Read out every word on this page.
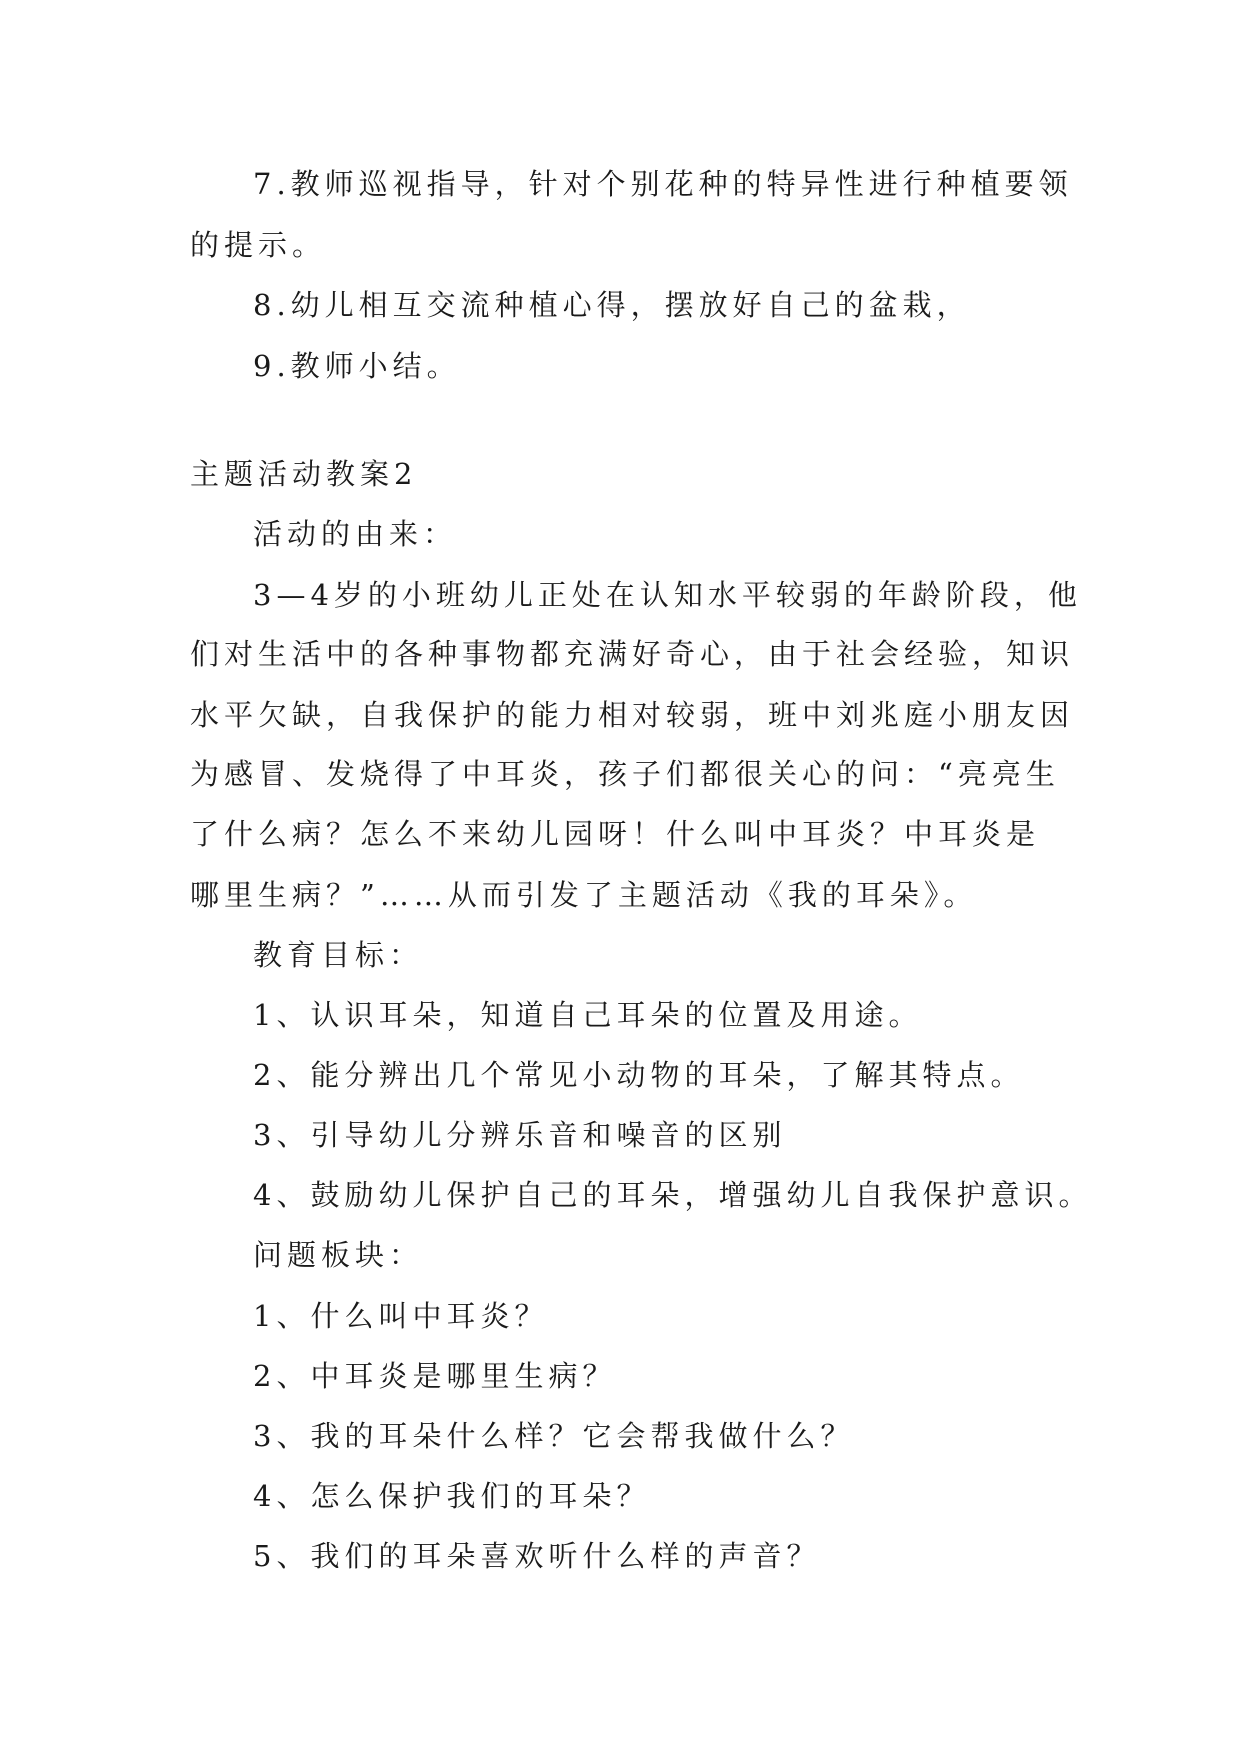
7.教师巡视指导，针对个别花种的特异性进行种植要领
的提示。
8.幼儿相互交流种植心得，摆放好自己的盆栽，
9.教师小结。
主题活动教案2
活动的由来：
3—4岁的小班幼儿正处在认知水平较弱的年龄阶段，他
们对生活中的各种事物都充满好奇心，由于社会经验，知识
水平欠缺，自我保护的能力相对较弱，班中刘兆庭小朋友因
为感冒、发烧得了中耳炎，孩子们都很关心的问：“亮亮生
了什么病？怎么不来幼儿园呀！什么叫中耳炎？中耳炎是
哪里生病？”……从而引发了主题活动《我的耳朵》。
教育目标：
1、认识耳朵，知道自己耳朵的位置及用途。
2、能分辨出几个常见小动物的耳朵，了解其特点。
3、引导幼儿分辨乐音和噪音的区别
4、鼓励幼儿保护自己的耳朵，增强幼儿自我保护意识。
问题板块：
1、什么叫中耳炎？
2、中耳炎是哪里生病？
3、我的耳朵什么样？它会帮我做什么？
4、怎么保护我们的耳朵？
5、我们的耳朵喜欢听什么样的声音？
